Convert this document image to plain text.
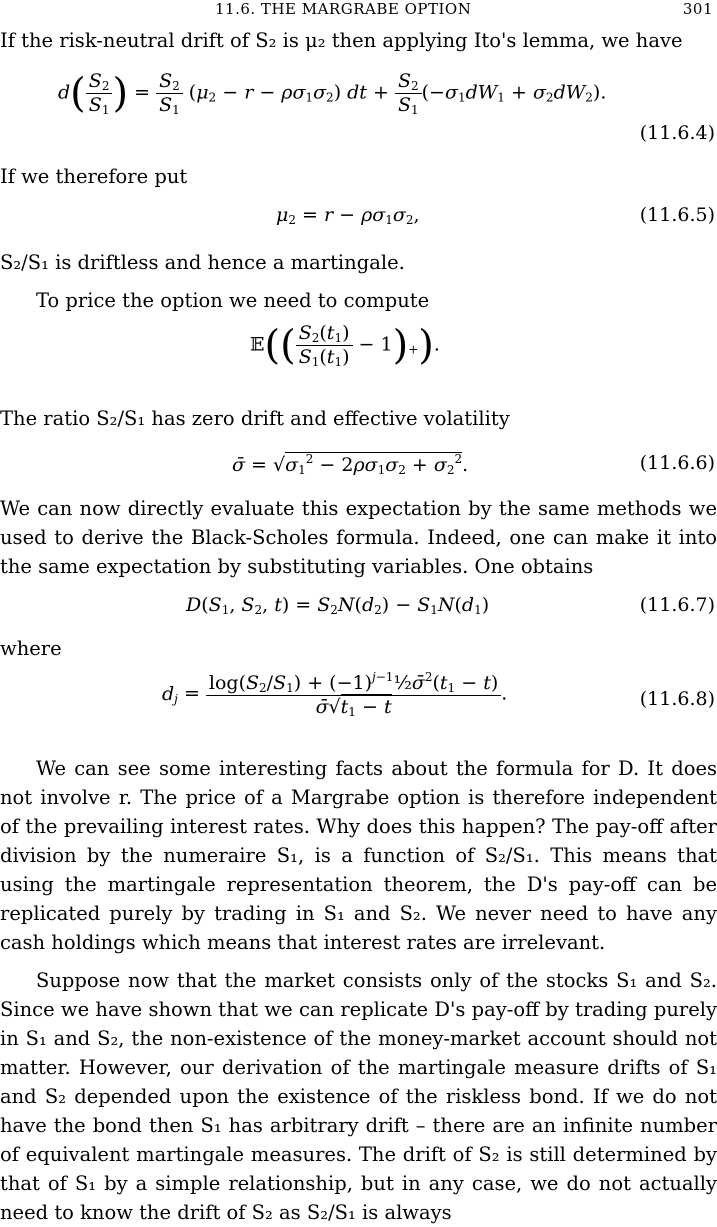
11.6. THE MARGRABE OPTION	301

If the risk-neutral drift of S₂ is μ₂ then applying Ito's lemma, we have

$d( \frac{S_2}{S_1}$ ) = $\frac{S_2}{S_1} (\mu_2 - r - \rho\sigma_1\sigma_2)$ dt + $\frac{S_2}{S_1} (-\sigma_1dW_1 + \sigma_2dW_2)$.
(11.6.4)

If we therefore put

$\mu_2 = r - \rho\sigma_1\sigma_2$,	(11.6.5)

S₂/S₁ is driftless and hence a martingale.

To price the option we need to compute

𝔼(( $\frac{S_2(t_1)}{S_1(t_1)} - 1)_+$).

The ratio S₂/S₁ has zero drift and effective volatility

σ̄ = $√\sigma_1^2 - 2\rho\sigma_1\sigma_2 + \sigma_2^2$.	(11.6.6)

We can now directly evaluate this expectation by the same methods we used to derive the Black-Scholes formula. Indeed, one can make it into the same expectation by substituting variables. One obtains

$D(S_1$, $S_2$, $t) = S_2N(d_2) - S_1N(d_1)$	(11.6.7)

where

$d_j = \frac{\log(S_2/S_1) + (-1)^{j-1}\frac{1}{2}\sigmā^2(t_1 - t)}{\sigmā√t_1 - t}$ .	(11.6.8)

We can see some interesting facts about the formula for D. It does not involve r. The price of a Margrabe option is therefore independent of the prevailing interest rates. Why does this happen? The pay-off after division by the numeraire S₁, is a function of S₂/S₁. This means that using the martingale representation theorem, the D's pay-off can be replicated purely by trading in S₁ and S₂. We never need to have any cash holdings which means that interest rates are irrelevant.

Suppose now that the market consists only of the stocks S₁ and S₂. Since we have shown that we can replicate D's pay-off by trading purely in S₁ and S₂, the non-existence of the money-market account should not matter. However, our derivation of the martingale measure drifts of S₁ and S₂ depended upon the existence of the riskless bond. If we do not have the bond then S₁ has arbitrary drift – there are an infinite number of equivalent martingale measures. The drift of S₂ is still determined by that of S₁ by a simple relationship, but in any case, we do not actually need to know the drift of S₂ as S₂/S₁ is always
